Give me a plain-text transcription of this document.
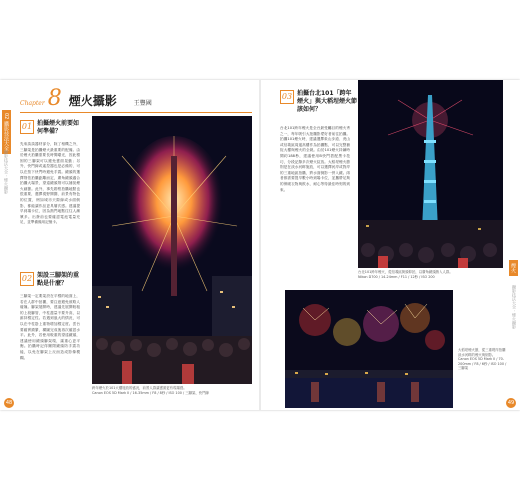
02 攝影技法大全
攝影技法大全 · 煙火攝影
48
Chapter 8 煙火攝影	王豐國
01 拍攝煙火前要如何準備？
先來談談器材部分，除了相機之外，三腳架是拍攝煙火最重要的配備。由於煙火拍攝需要長時間曝光，因此穩固的三腳架可以避免畫面晃動；另外，快門線或遙控器也是必備的，可以在按下快門時避免手震。鏡頭的選擇則依拍攝距離而定，廣角鏡頭適合拍攝大場景，望遠鏡頭則可以捕捉煙火細節。此外，事先勘察拍攝地點也很重要，選擇視野開闊、前景有特色的位置，例如城市天際線或水面倒影，都能讓作品更具層次感。建議提早到場卡位，因為熱門地點往往人潮眾多。出發前也要確認電池電量充足，並準備備用記憶卡。
02 架設三腳架的重點是什麼？
三腳架一定要架設在平穩的地面上，若在人群中拍攝，要注意避免被路人碰撞。腳架展開時，建議先展開較粗的上段腳管，中柱盡量不要升高，以維持穩定性。若遇到風大的情況，可以在中柱掛上重物增加穩定度。雲台要確實鎖緊，構圖完成後再次確認水平。此外，若使用較重的望遠鏡頭，建議使用鏡頭腳架環，讓重心更平衡。拍攝時記得關閉鏡頭防手震功能，以免在腳架上反而造成影像模糊。
跨年煙火於101大樓施放的盛況，前景人群讓畫面更有現場感。
Canon EOS 5D Mark II / 16-35mm / F8 / 8秒 / ISO 100 / 三腳架、快門線
煙火
攝影技法大全 · 煙火攝影
49
03 拍攝台北101「跨年煙火」與大稻埕煙火節該如何？
台北101跨年煙火是全台最受矚目的煙火秀之一，每年吸引大批攝影愛好者前往拍攝。拍攝101煙火時，建議選擇象山步道、虎山或信義區周邊高樓作為拍攝點，可以完整捕捉大樓與煙火的全貌。由於101煙火持續時間約188秒，建議使用B快門搭配黑卡技巧，分段記錄多次煙火綻放。大稻埕煙火節則是在淡水河畔施放，可以選擇河岸或對岸的三重地區拍攝，將水面倒影一併入鏡。兩者都需要提早數小時到場卡位，並攜帶足夠的保暖衣物與飲水，耐心等待最佳時刻的到來。
台北101跨年煙火，從信義區街頭仰拍，以廣角鏡頭納入人群。
Nikon D700 / 14-24mm / F11 / 12秒 / ISO 200
大稻埕煙火節，從三重堤岸拍攝淡水河畔的煙火與倒影。
Canon EOS 5D Mark II / 70-200mm / F8 / 6秒 / ISO 100 / 三腳架
